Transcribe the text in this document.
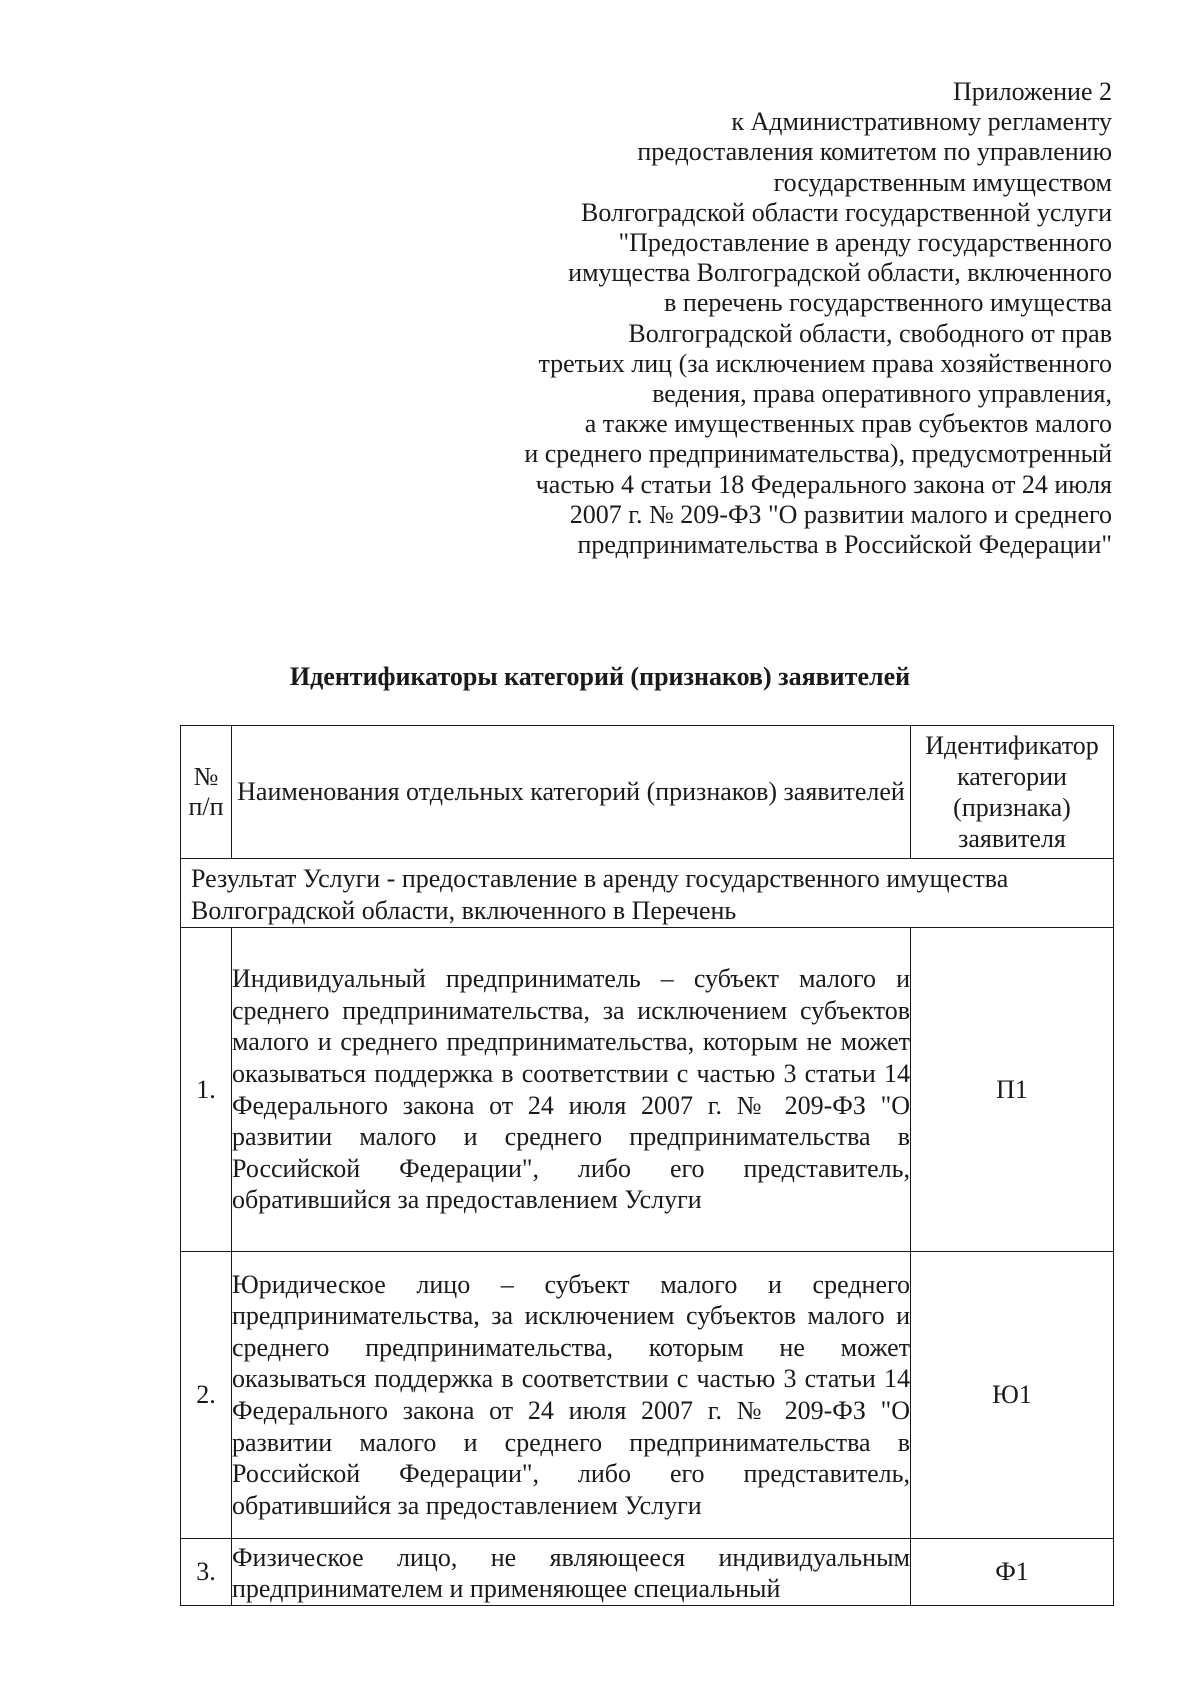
Приложение 2
к Административному регламенту
предоставления комитетом по управлению
государственным имуществом
Волгоградской области государственной услуги
"Предоставление в аренду государственного
имущества Волгоградской области, включенного
в перечень государственного имущества
Волгоградской области, свободного от прав
третьих лиц (за исключением права хозяйственного
ведения, права оперативного управления,
а также имущественных прав субъектов малого
и среднего предпринимательства), предусмотренный
частью 4 статьи 18 Федерального закона от 24 июля
2007 г. № 209-ФЗ "О развитии малого и среднего
предпринимательства в Российской Федерации"
Идентификаторы категорий (признаков) заявителей
№ п/п	Наименования отдельных категорий (признаков) заявителей	Идентификатор категории (признака) заявителя
Результат Услуги - предоставление в аренду государственного имущества Волгоградской области, включенного в Перечень		
1.	Индивидуальный предприниматель – субъект малого и среднего предпринимательства, за исключением субъектов малого и среднего предпринимательства, которым не может оказываться поддержка в соответствии с частью 3 статьи 14 Федерального закона от 24 июля 2007 г. № 209-ФЗ "О развитии малого и среднего предпринимательства в Российской Федерации", либо его представитель, обратившийся за предоставлением Услуги	П1
2.	Юридическое лицо – субъект малого и среднего предпринимательства, за исключением субъектов малого и среднего предпринимательства, которым не может оказываться поддержка в соответствии с частью 3 статьи 14 Федерального закона от 24 июля 2007 г. № 209-ФЗ "О развитии малого и среднего предпринимательства в Российской Федерации", либо его представитель, обратившийся за предоставлением Услуги	Ю1
3.	Физическое лицо, не являющееся индивидуальным предпринимателем и применяющее специальный	Ф1
